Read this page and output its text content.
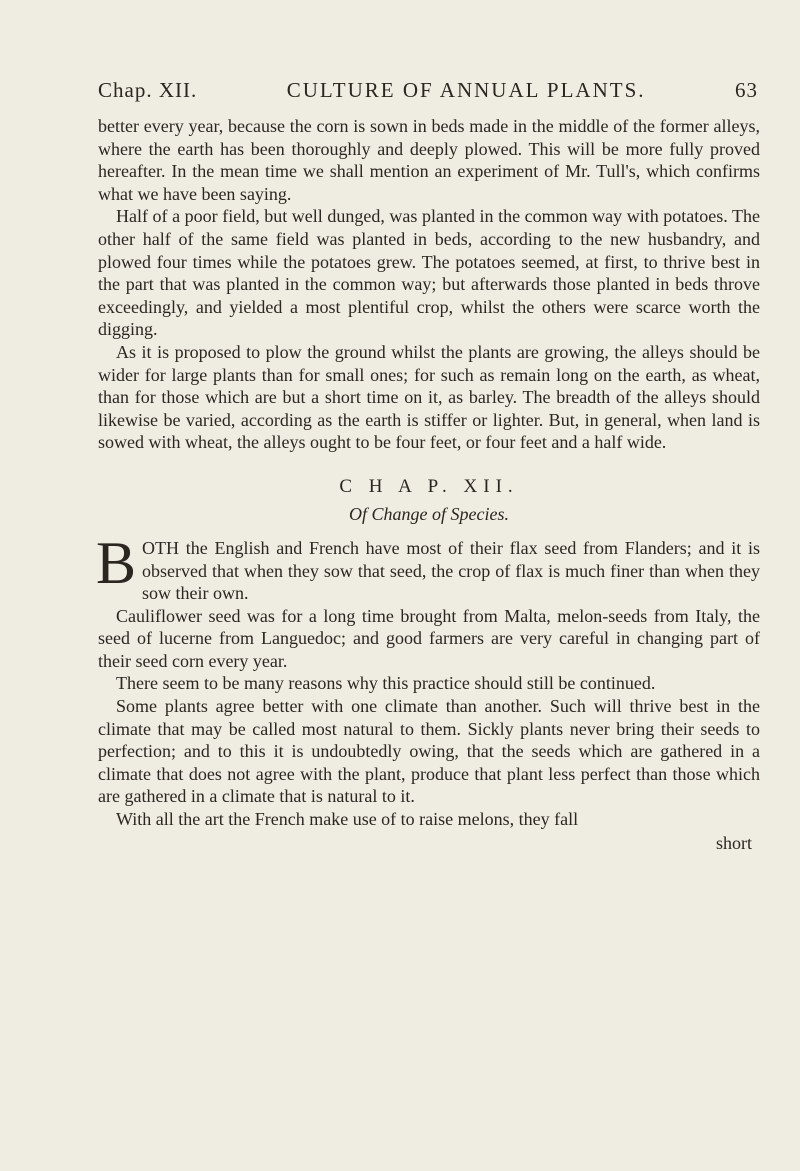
Chap. XII.	CULTURE OF ANNUAL PLANTS.	63

better every year, because the corn is sown in beds made in the middle of the former alleys, where the earth has been thoroughly and deeply plowed. This will be more fully proved hereafter. In the mean time we shall mention an experiment of Mr. Tull's, which confirms what we have been saying.

Half of a poor field, but well dunged, was planted in the common way with potatoes. The other half of the same field was planted in beds, according to the new husbandry, and plowed four times while the potatoes grew. The potatoes seemed, at first, to thrive best in the part that was planted in the common way; but afterwards those planted in beds throve exceedingly, and yielded a most plentiful crop, whilst the others were scarce worth the digging.

As it is proposed to plow the ground whilst the plants are growing, the alleys should be wider for large plants than for small ones; for such as remain long on the earth, as wheat, than for those which are but a short time on it, as barley. The breadth of the alleys should likewise be varied, according as the earth is stiffer or lighter. But, in general, when land is sowed with wheat, the alleys ought to be four feet, or four feet and a half wide.

C H A P. XII.
Of Change of Species.

B OTH the English and French have most of their flax seed from Flanders; and it is observed that when they sow that seed, the crop of flax is much finer than when they sow their own.

Cauliflower seed was for a long time brought from Malta, melon-seeds from Italy, the seed of lucerne from Languedoc; and good farmers are very careful in changing part of their seed corn every year.

There seem to be many reasons why this practice should still be continued.

Some plants agree better with one climate than another. Such will thrive best in the climate that may be called most natural to them. Sickly plants never bring their seeds to perfection; and to this it is undoubtedly owing, that the seeds which are gathered in a climate that does not agree with the plant, produce that plant less perfect than those which are gathered in a climate that is natural to it.

With all the art the French make use of to raise melons, they fall

short
